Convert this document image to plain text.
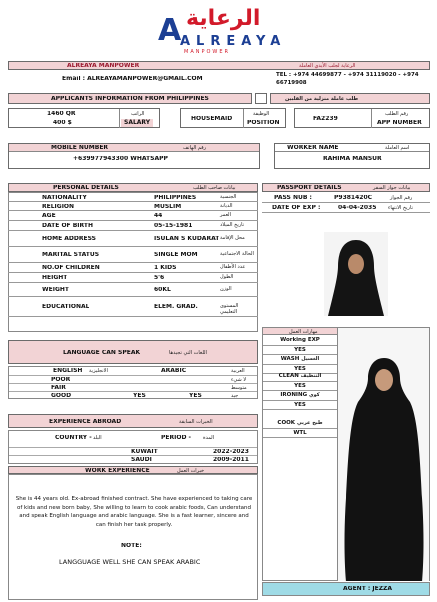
الرعاية
A
ALREAYA
MANPOWER
ALREAYA MANPOWER	الرعاية لجلب الأيدي العاملة
Email : ALREAYAMANPOWER@GMAIL.COM	TEL : +974 44699877 - +974 31119020 - +974 66719908
APPLICANTS INFORMATION FROM PHILIPPINES	طلب عاملة منزلية من الفلبين
1460 QR
400 $
الراتب
SALARY
HOUSEMAID
الوظيفة
POSITION
FA2239
رقم الطلب
APP NUMBER
MOBILE NUMBER	رقم الهاتف
+639977943300 WHATSAPP
WORKER NAME	اسم العاملة
RAHIMA MANSUR
PERSONAL DETAILS	بيانات صاحب الطلب
NATIONALITY	PHILIPPINES	الجنسية
RELIGION	MUSLIM	الديانة
AGE	44	العمر
DATE OF BIRTH	05-15-1981	تاريخ الميلاد
HOME ADDRESS	ISULAN S KUDARAT محل الإقامة
MARITAL STATUS	SINGLE MOM	الحالة الاجتماعية
NO.OF CHILDREN	1 KIDS	عدد الأطفال
HEIGHT	5'6	الطول
WEIGHT	60KL	الوزن
EDUCATIONAL	ELEM. GRAD.	المستوى التعليمي
PASSPORT DETAILS	بيانات جواز السفر
PASS NUB :	P9381420C	رقم الجواز
DATE OF EXP :	04-04-2035 تاريخ الانتهاء
LANGUAGE CAN SPEAK	اللغات التي تجيدها
ENGLISH الانجليزية	ARABIC	العربية
POOR	لا شيء
FAIR	متوسط
GOOD	YES	YES	جيد
EXPERIENCE ABROAD	الخبرات السابقة
COUNTRY - البلد	PERIOD - المدة
KUWAIT	2022-2023
SAUDI	2009-2011
WORK EXPERIENCE	خبرات العمل

She is 44 years old. Ex-abroad finished contract. She have experienced to taking care of kids and new born baby, She willing to learn to cook arabic foods, Can understand and speak English language and arabic language. She is a fast learner, sincere and can finish her task properly.

NOTE:
LANGGUAGE WELL SHE CAN SPEAK ARABIC
مهارات العمل
Working EXP
YES
WASH الغسيل
YES
CLEAN التنظيف
YES
IRONING كوي
YES
COOK طبخ عربي
WTL
AGENT : JEZZA
